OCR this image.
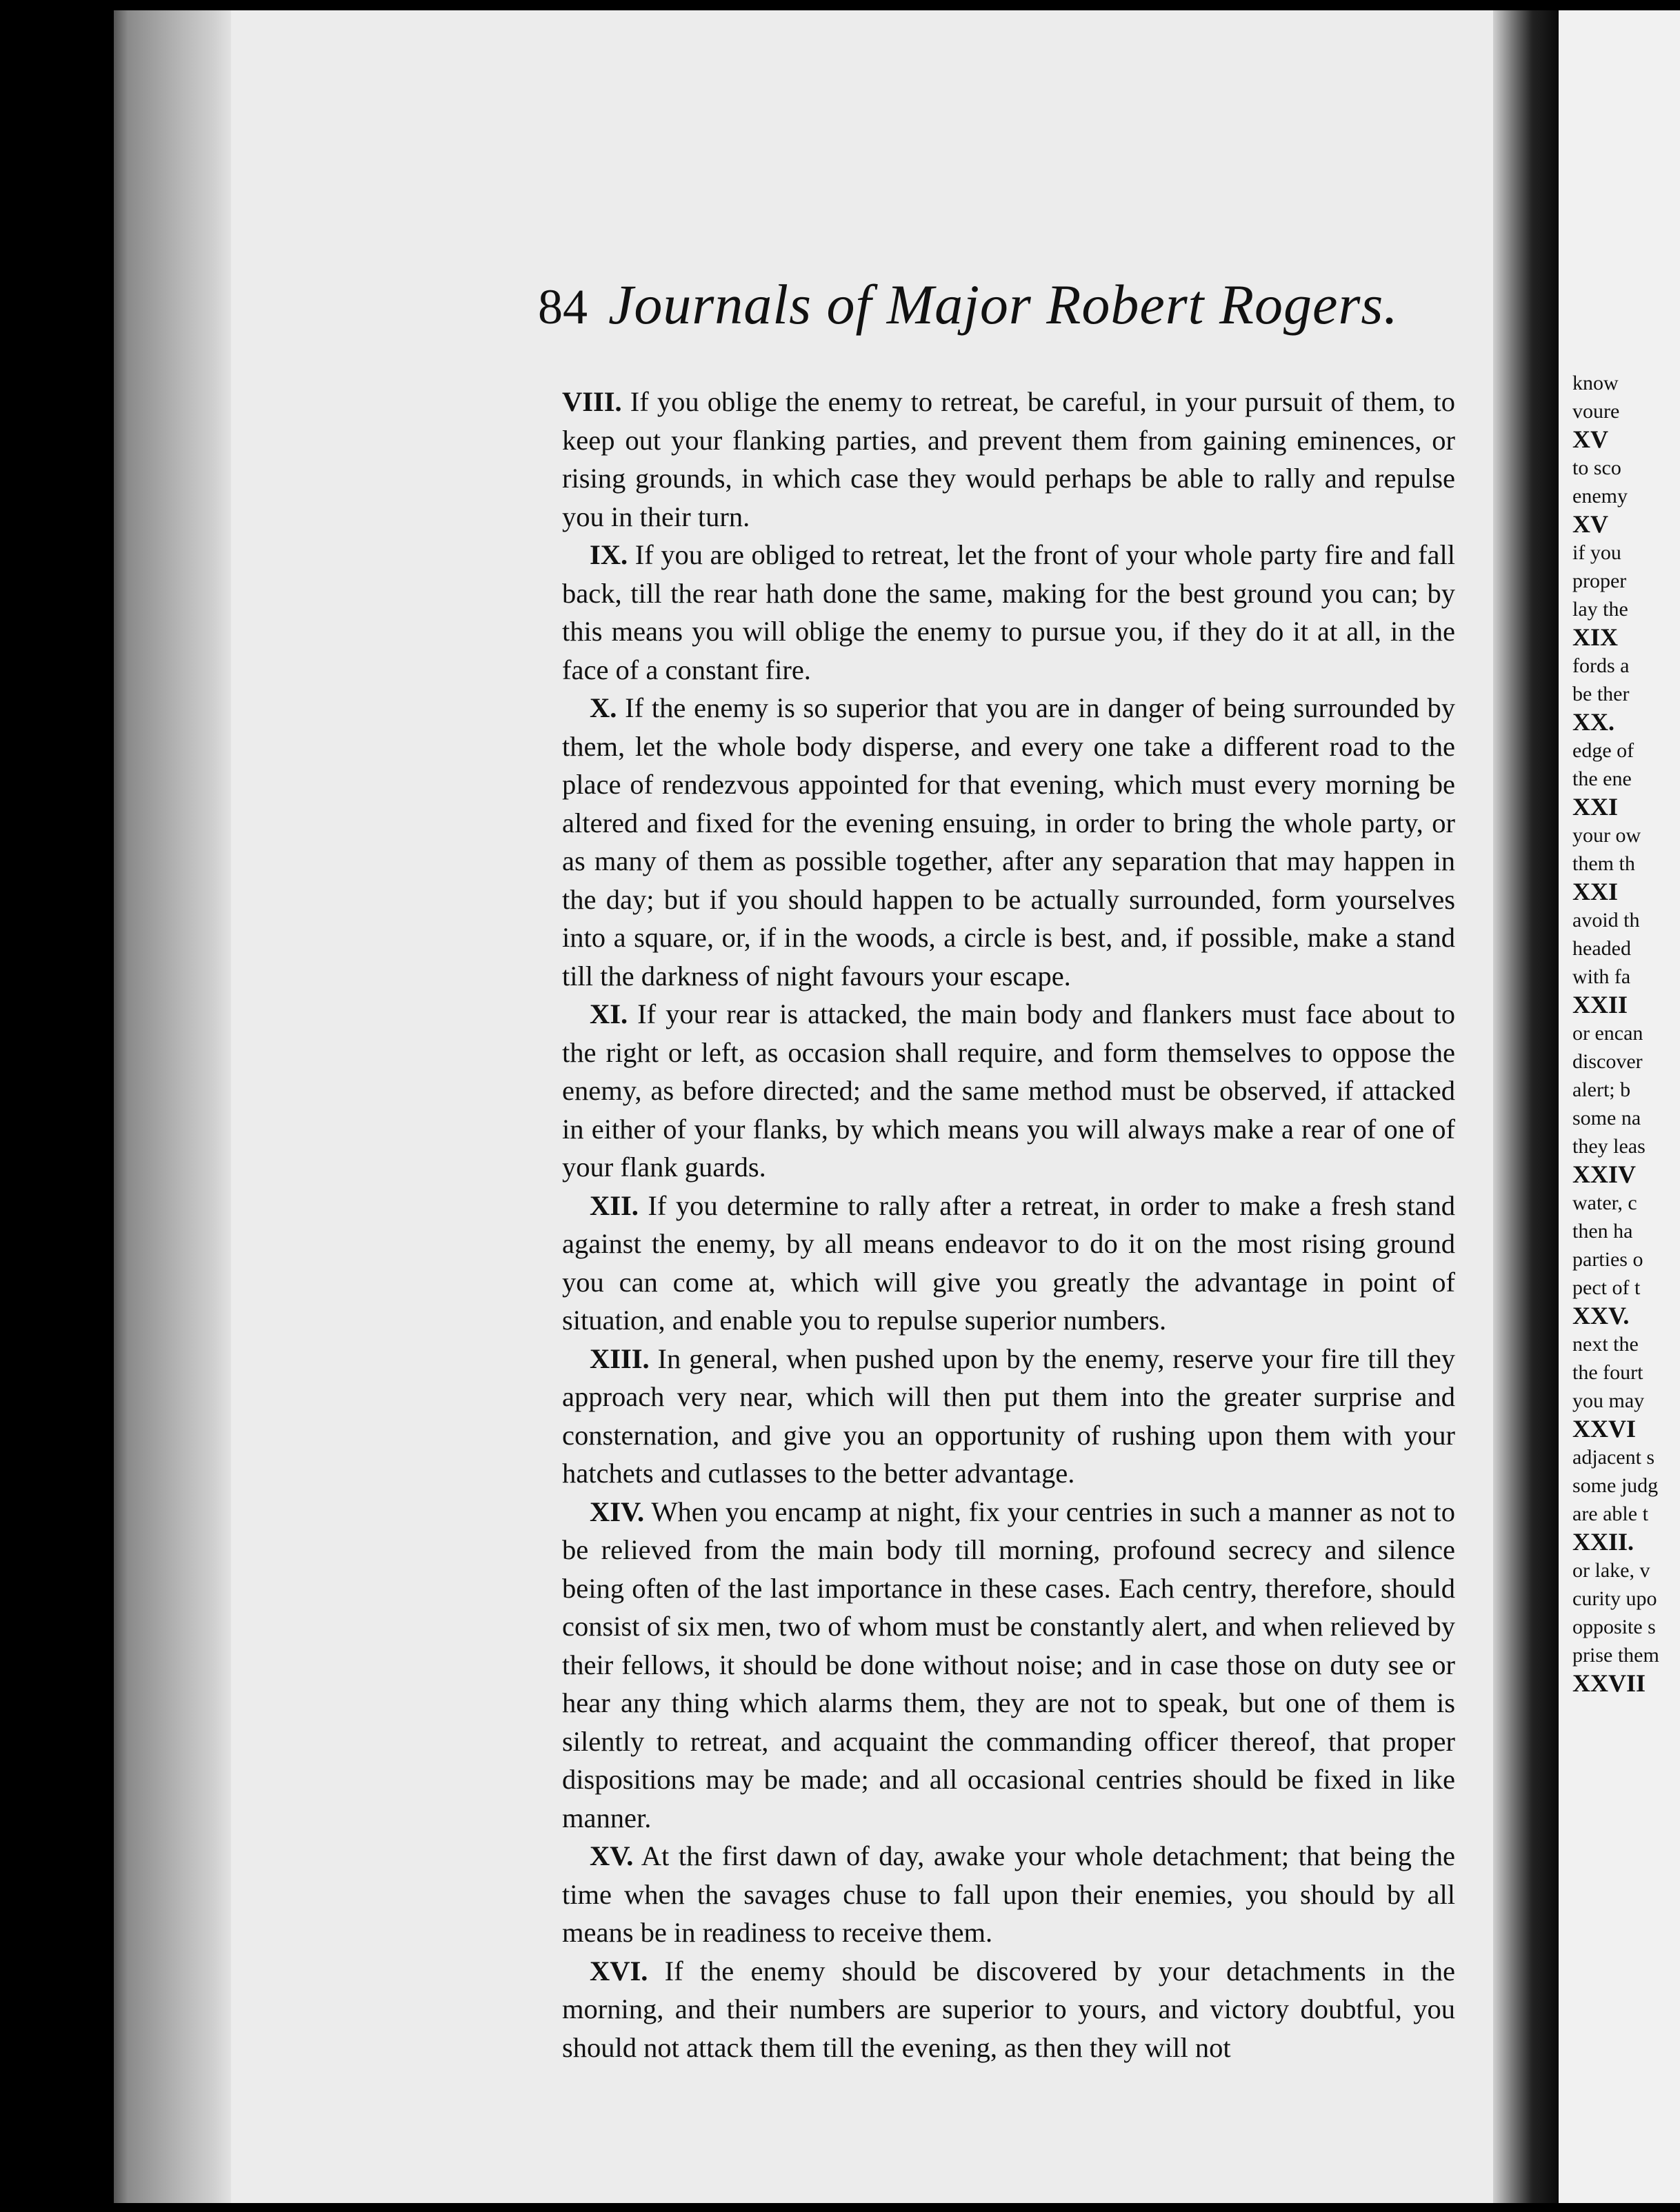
84 Journals of Major Robert Rogers.

VIII. If you oblige the enemy to retreat, be careful, in your pursuit of them, to keep out your flanking parties, and prevent them from gaining eminences, or rising grounds, in which case they would perhaps be able to rally and repulse you in their turn.

IX. If you are obliged to retreat, let the front of your whole party fire and fall back, till the rear hath done the same, making for the best ground you can; by this means you will oblige the enemy to pursue you, if they do it at all, in the face of a constant fire.

X. If the enemy is so superior that you are in danger of being surrounded by them, let the whole body disperse, and every one take a different road to the place of rendezvous appointed for that evening, which must every morning be altered and fixed for the evening ensuing, in order to bring the whole party, or as many of them as possible together, after any separation that may happen in the day; but if you should happen to be actually surrounded, form yourselves into a square, or, if in the woods, a circle is best, and, if possible, make a stand till the darkness of night favours your escape.

XI. If your rear is attacked, the main body and flankers must face about to the right or left, as occasion shall require, and form themselves to oppose the enemy, as before directed; and the same method must be observed, if attacked in either of your flanks, by which means you will always make a rear of one of your flank guards.

XII. If you determine to rally after a retreat, in order to make a fresh stand against the enemy, by all means endeavor to do it on the most rising ground you can come at, which will give you greatly the advantage in point of situation, and enable you to repulse superior numbers.

XIII. In general, when pushed upon by the enemy, reserve your fire till they approach very near, which will then put them into the greater surprise and consternation, and give you an opportunity of rushing upon them with your hatchets and cutlasses to the better advantage.

XIV. When you encamp at night, fix your centries in such a manner as not to be relieved from the main body till morning, profound secrecy and silence being often of the last importance in these cases. Each centry, therefore, should consist of six men, two of whom must be constantly alert, and when relieved by their fellows, it should be done without noise; and in case those on duty see or hear any thing which alarms them, they are not to speak, but one of them is silently to retreat, and acquaint the commanding officer thereof, that proper dispositions may be made; and all occasional centries should be fixed in like manner.

XV. At the first dawn of day, awake your whole detachment; that being the time when the savages chuse to fall upon their enemies, you should by all means be in readiness to receive them.

XVI. If the enemy should be discovered by your detachments in the morning, and their numbers are superior to yours, and victory doubtful, you should not attack them till the evening, as then they will not

know
voure
XV
to sco
enemy
XV
if you
proper
lay the
XIX
fords a
be ther
XX.
edge of
the ene
XXI
your ow
them th
XXI
avoid th
headed
with fa
XXII
or encan
discover
alert; b
some na
they leas
XXIV
water, c
then ha
parties o
pect of t
XXV.
next the
the fourt
you may
XXVI
adjacent s
some judg
are able t
XXII.
or lake, v
curity upo
opposite s
prise them
XXVII
